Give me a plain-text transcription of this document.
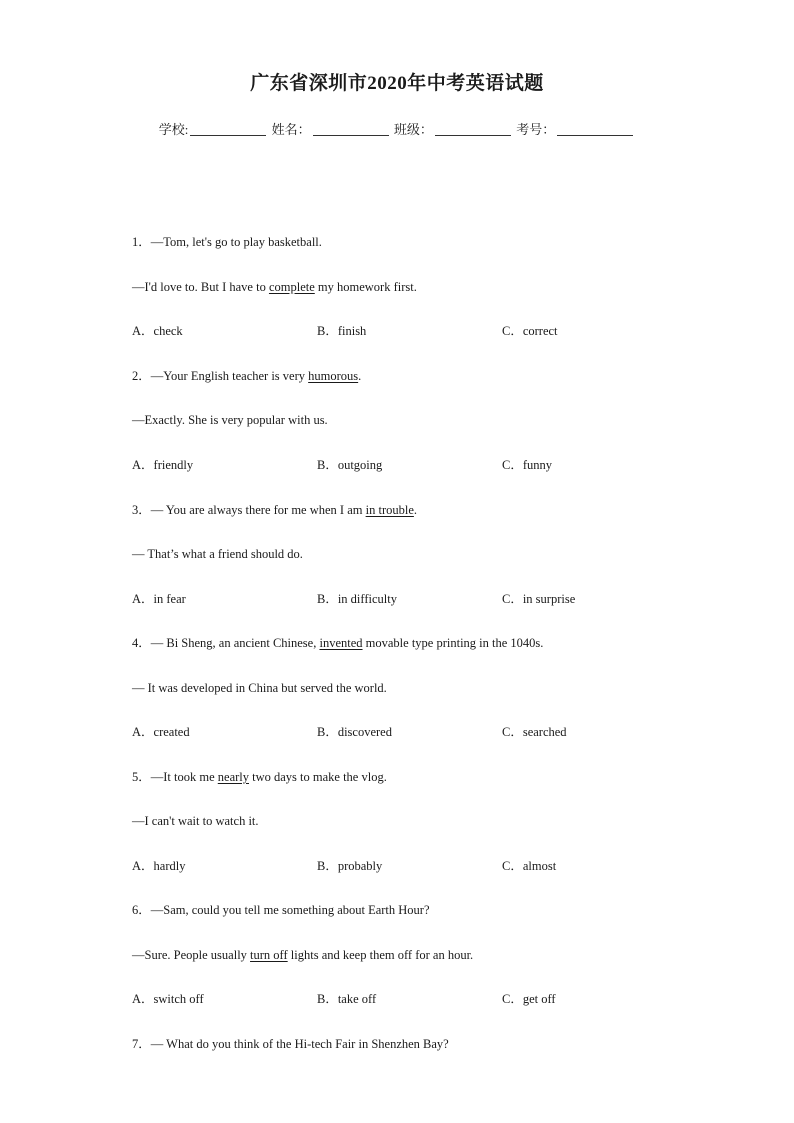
广东省深圳市2020年中考英语试题
学校:	姓名：	班级：	考号：
1．—Tom, let's go to play basketball.
—I'd love to. But I have to complete my homework first.
A．check	B．finish	C．correct
2．—Your English teacher is very humorous.
—Exactly. She is very popular with us.
A．friendly	B．outgoing	C．funny
3．— You are always there for me when I am in trouble.
— That’s what a friend should do.
A．in fear	B．in difficulty	C．in surprise
4．— Bi Sheng, an ancient Chinese, invented movable type printing in the 1040s.
— It was developed in China but served the world.
A．created	B．discovered	C．searched
5．—It took me nearly two days to make the vlog.
—I can't wait to watch it.
A．hardly	B．probably	C．almost
6．—Sam, could you tell me something about Earth Hour?
—Sure. People usually turn off lights and keep them off for an hour.
A．switch off	B．take off	C．get off
7．— What do you think of the Hi-tech Fair in Shenzhen Bay?
